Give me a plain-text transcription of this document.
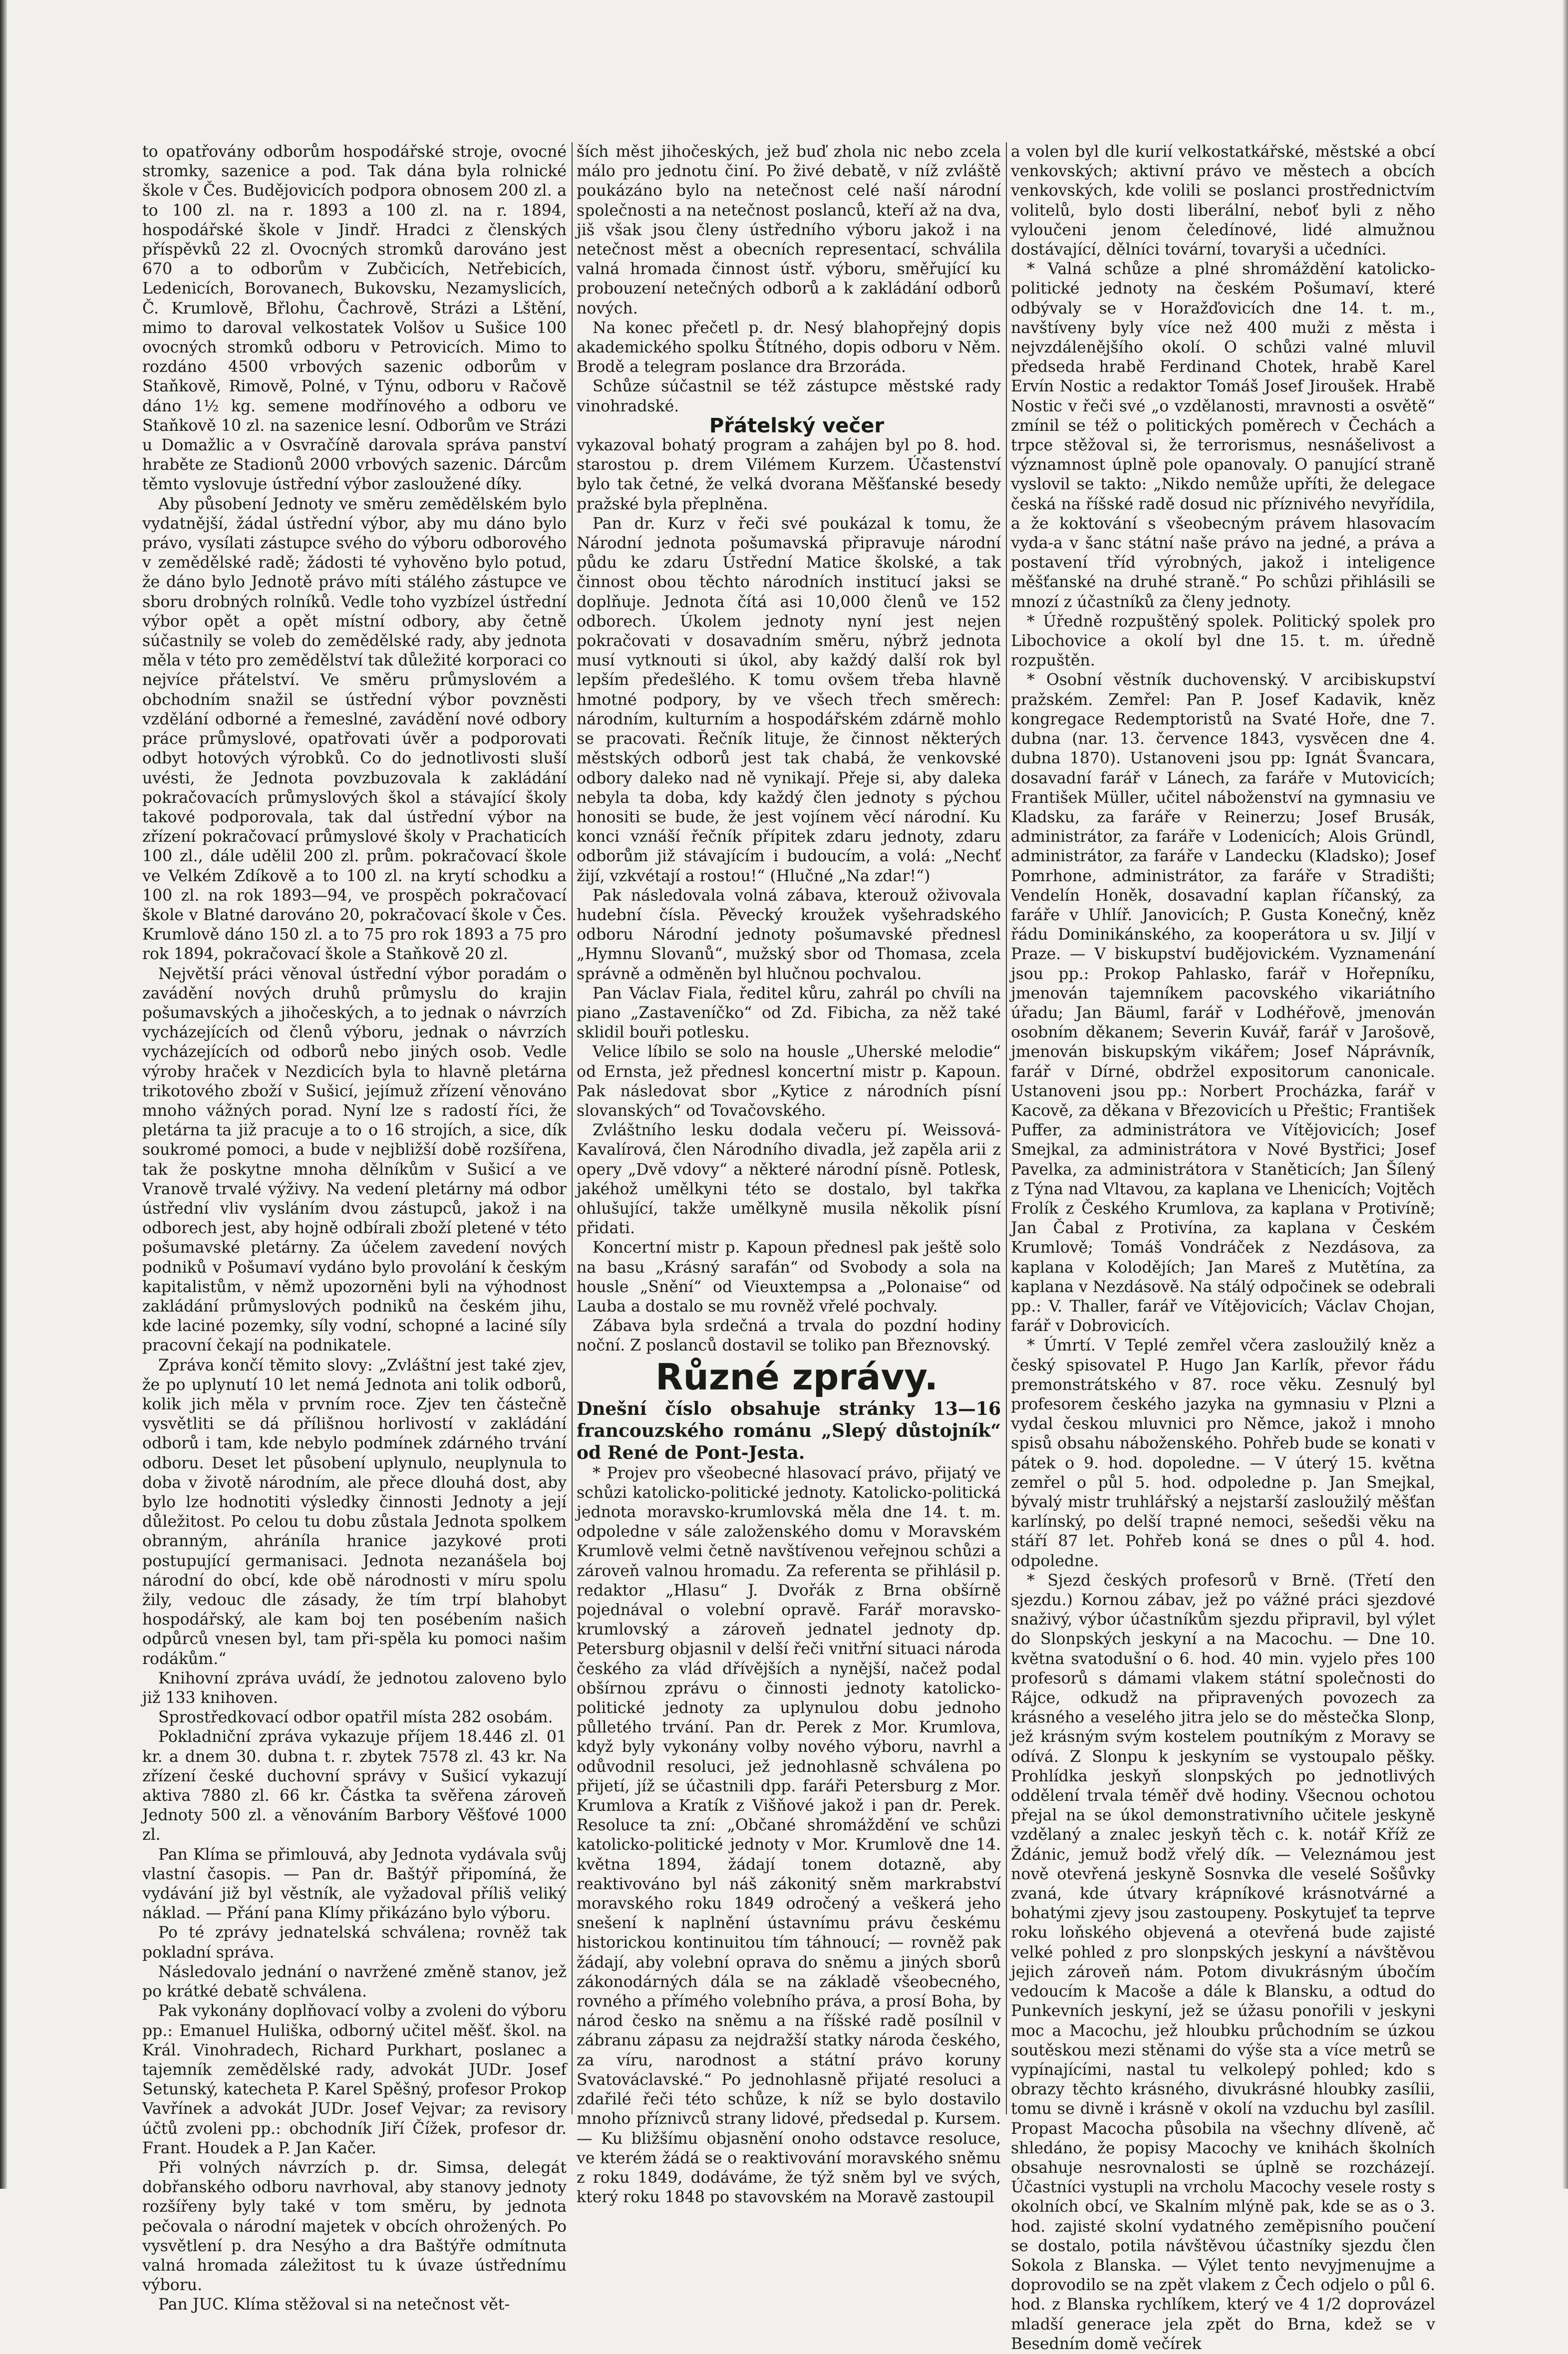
to opatřovány odborům hospodářské stroje, ovocné stromky, sazenice a pod. Tak dána byla rolnické škole v Čes. Budějovicích podpora obnosem 200 zl. a to 100 zl. na r. 1893 a 100 zl. na r. 1894, hospodářské škole v Jindř. Hradci z členských příspěvků 22 zl. Ovocných stromků darováno jest 670 a to odborům v Zubčicích, Netřebicích, Ledenicích, Borovanech, Bukovsku, Nezamyslicích, Č. Krumlově, Břlohu, Čachrově, Strázi a Lštění, mimo to daroval velkostatek Volšov u Sušice 100 ovocných stromků odboru v Petrovicích. Mimo to rozdáno 4500 vrbových sazenic odborům v Staňkově, Rimově, Polné, v Týnu, odboru v Račově dáno 1½ kg. semene modřínového a odboru ve Staňkově 10 zl. na sazenice lesní. Odborům ve Strázi u Domažlic a v Osvračíně darovala správa panství hraběte ze Stadionů 2000 vrbových sazenic. Dárcům těmto vyslovuje ústřední výbor zasloužené díky.

Aby působení Jednoty ve směru zemědělském bylo vydatnější, žádal ústřední výbor, aby mu dáno bylo právo, vysílati zástupce svého do výboru odborového v zemědělské radě; žádosti té vyhověno bylo potud, že dáno bylo Jednotě právo míti stálého zástupce ve sboru drobných rolníků. Vedle toho vyzbízel ústřední výbor opět a opět místní odbory, aby četně súčastnily se voleb do zemědělské rady, aby jednota měla v této pro zemědělství tak důležité korporaci co nejvíce přátelství. Ve směru průmyslovém a obchodním snažil se ústřední výbor povzněsti vzdělání odborné a řemeslné, zavádění nové odbory práce průmyslové, opatřovati úvěr a podporovati odbyt hotových výrobků. Co do jednotlivosti sluší uvésti, že Jednota povzbuzovala k zakládání pokračovacích průmyslových škol a stávající školy takové podporovala, tak dal ústřední výbor na zřízení pokračovací průmyslové školy v Prachaticích 100 zl., dále udělil 200 zl. prům. pokračovací škole ve Velkém Zdíkově a to 100 zl. na krytí schodku a 100 zl. na rok 1893—94, ve prospěch pokračovací škole v Blatné darováno 20, pokračovací škole v Čes. Krumlově dáno 150 zl. a to 75 pro rok 1893 a 75 pro rok 1894, pokračovací škole a Staňkově 20 zl.

Největší práci věnoval ústřední výbor poradám o zavádění nových druhů průmyslu do krajin pošumavských a jihočeských, a to jednak o návrzích vycházejících od členů výboru, jednak o návrzích vycházejících od odborů nebo jiných osob. Vedle výroby hraček v Nezdicích byla to hlavně pletárna trikotového zboží v Sušicí, jejímuž zřízení věnováno mnoho vážných porad. Nyní lze s radostí říci, že pletárna ta již pracuje a to o 16 strojích, a sice, dík soukromé pomoci, a bude v nejbližší době rozšířena, tak že poskytne mnoha dělníkům v Sušicí a ve Vranově trvalé výživy. Na vedení pletárny má odbor ústřední vliv vysláním dvou zástupců, jakož i na odborech jest, aby hojně odbírali zboží pletené v této pošumavské pletárny. Za účelem zavedení nových podniků v Pošumaví vydáno bylo provolání k českým kapitalistům, v němž upozorněni byli na výhodnost zakládání průmyslových podniků na českém jihu, kde laciné pozemky, síly vodní, schopné a laciné síly pracovní čekají na podnikatele.

Zpráva končí těmito slovy: „Zvláštní jest také zjev, že po uplynutí 10 let nemá Jednota ani tolik odborů, kolik jich měla v prvním roce. Zjev ten částečně vysvětliti se dá přílišnou horlivostí v zakládání odborů i tam, kde nebylo podmínek zdárného trvání odboru. Deset let působení uplynulo, neuplynula to doba v životě národním, ale přece dlouhá dost, aby bylo lze hodnotiti výsledky činnosti Jednoty a její důležitost. Po celou tu dobu zůstala Jednota spolkem obranným, ahráníla hranice jazykové proti postupující germanisaci. Jednota nezanášela boj národní do obcí, kde obě národnosti v míru spolu žily, vedouc dle zásady, že tím trpí blahobyt hospodářský, ale kam boj ten posébením našich odpůrců vnesen byl, tam při-spěla ku pomoci našim rodákům.“

Knihovní zpráva uvádí, že jednotou zaloveno bylo již 133 knihoven.

Sprostředkovací odbor opatřil místa 282 osobám.

Pokladniční zpráva vykazuje příjem 18.446 zl. 01 kr. a dnem 30. dubna t. r. zbytek 7578 zl. 43 kr. Na zřízení české duchovní správy v Sušicí vykazují aktiva 7880 zl. 66 kr. Částka ta svěřena zároveň Jednoty 500 zl. a věnováním Barbory Věšťové 1000 zl.

Pan Klíma se přimlouvá, aby Jednota vydávala svůj vlastní časopis. — Pan dr. Baštýř připomíná, že vydávání již byl věstník, ale vyžadoval příliš veliký náklad. — Přání pana Klímy přikázáno bylo výboru.

Po té zprávy jednatelská schválena; rovněž tak pokladní správa.

Následovalo jednání o navržené změně stanov, jež po krátké debatě schválena.

Pak vykonány doplňovací volby a zvoleni do výboru pp.: Emanuel Huliška, odborný učitel měšť. škol. na Král. Vinohradech, Richard Purkhart, poslanec a tajemník zemědělské rady, advokát JUDr. Josef Setunský, katecheta P. Karel Spěšný, profesor Prokop Vavřínek a advokát JUDr. Josef Vejvar; za revisory účtů zvoleni pp.: obchodník Jiří Čížek, profesor dr. Frant. Houdek a P. Jan Kačer.

Při volných návrzích p. dr. Simsa, delegát dobřanského odboru navrhoval, aby stanovy jednoty rozšířeny byly také v tom směru, by jednota pečovala o národní majetek v obcích ohrožených. Po vysvětlení p. dra Nesýho a dra Baštýře odmítnuta valná hromada záležitost tu k úvaze ústřednímu výboru.

Pan JUC. Klíma stěžoval si na netečnost vět-

ších měst jihočeských, jež buď zhola nic nebo zcela málo pro jednotu činí. Po živé debatě, v níž zvláště poukázáno bylo na netečnost celé naší národní společnosti a na netečnost poslanců, kteří až na dva, jiš však jsou členy ústředního výboru jakož i na netečnost měst a obecních representací, schválila valná hromada činnost ústř. výboru, směřující ku probouzení netečných odborů a k zakládání odborů nových.

Na konec přečetl p. dr. Nesý blahopřejný dopis akademického spolku Štítného, dopis odboru v Něm. Brodě a telegram poslance dra Brzoráda.

Schůze súčastnil se též zástupce městské rady vinohradské.

Přátelský večer

vykazoval bohatý program a zahájen byl po 8. hod. starostou p. drem Vilémem Kurzem. Účastenství bylo tak četné, že velká dvorana Měšťanské besedy pražské byla přeplněna.

Pan dr. Kurz v řeči své poukázal k tomu, že Národní jednota pošumavská připravuje národní půdu ke zdaru Ústřední Matice školské, a tak činnost obou těchto národních institucí jaksi se doplňuje. Jednota čítá asi 10,000 členů ve 152 odborech. Úkolem jednoty nyní jest nejen pokračovati v dosavadním směru, nýbrž jednota musí vytknouti si úkol, aby každý další rok byl lepším předešlého. K tomu ovšem třeba hlavně hmotné podpory, by ve všech třech směrech: národním, kulturním a hospodářském zdárně mohlo se pracovati. Řečník lituje, že činnost některých městských odborů jest tak chabá, že venkovské odbory daleko nad ně vynikají. Přeje si, aby daleka nebyla ta doba, kdy každý člen jednoty s pýchou honositi se bude, že jest vojínem věcí národní. Ku konci vznáší řečník přípitek zdaru jednoty, zdaru odborům již stávajícím i budoucím, a volá: „Nechť žijí, vzkvétají a rostou!“ (Hlučné „Na zdar!“)

Pak následovala volná zábava, kterouž oživovala hudební čísla. Pěvecký kroužek vyšehradského odboru Národní jednoty pošumavské přednesl „Hymnu Slovanů“, mužský sbor od Thomasa, zcela správně a odměněn byl hlučnou pochvalou.

Pan Václav Fiala, ředitel kůru, zahrál po chvíli na piano „Zastaveníčko“ od Zd. Fibicha, za něž také sklidil bouři potlesku.

Velice líbilo se solo na housle „Uherské melodie“ od Ernsta, jež přednesl koncertní mistr p. Kapoun. Pak následovat sbor „Kytice z národních písní slovanských“ od Tovačovského.

Zvláštního lesku dodala večeru pí. Weissová-Kavalírová, člen Národního divadla, jež zapěla arii z opery „Dvě vdovy“ a některé národní písně. Potlesk, jakéhož umělkyni této se dostalo, byl takřka ohlušující, takže umělkyně musila několik písní přidati.

Koncertní mistr p. Kapoun přednesl pak ještě solo na basu „Krásný sarafán“ od Svobody a sola na housle „Snění“ od Vieuxtempsa a „Polonaise“ od Lauba a dostalo se mu rovněž vřelé pochvaly.

Zábava byla srdečná a trvala do pozdní hodiny noční. Z poslanců dostavil se toliko pan Březnovský.

Různé zprávy.

Dnešní číslo obsahuje stránky 13—16 francouzského románu „Slepý důstojník“ od René de Pont-Jesta.

* Projev pro všeobecné hlasovací právo, přijatý ve schůzi katolicko-politické jednoty. Katolicko-politická jednota moravsko-krumlovská měla dne 14. t. m. odpoledne v sále založenského domu v Moravském Krumlově velmi četně navštívenou veřejnou schůzi a zároveň valnou hromadu. Za referenta se přihlásil p. redaktor „Hlasu“ J. Dvořák z Brna obšírně pojednával o volební opravě. Farář moravsko-krumlovský a zároveň jednatel jednoty dp. Petersburg objasnil v delší řeči vnitřní situaci národa českého za vlád dřívějších a nynější, načež podal obšírnou zprávu o činnosti jednoty katolicko-politické jednoty za uplynulou dobu jednoho půlletého trvání. Pan dr. Perek z Mor. Krumlova, když byly vykonány volby nového výboru, navrhl a odůvodnil resoluci, jež jednohlasně schválena po přijetí, jíž se účastnili dpp. faráři Petersburg z Mor. Krumlova a Kratík z Višňové jakož i pan dr. Perek. Resoluce ta zní: „Občané shromáždění ve schůzi katolicko-politické jednoty v Mor. Krumlově dne 14. května 1894, žádají tonem dotazně, aby reaktivováno byl náš zákonitý sněm markrabství moravského roku 1849 odročený a veškerá jeho snešení k naplnění ústavnímu právu českému historickou kontinuitou tím táhnoucí; — rovněž pak žádají, aby volební oprava do sněmu a jiných sborů zákonodárných dála se na základě všeobecného, rovného a přímého volebního práva, a prosí Boha, by národ česko na sněmu a na říšské radě posílnil v zábranu zápasu za nejdražší statky národa českého, za víru, narodnost a státní právo koruny Svatováclavské.“ Po jednohlasně přijaté resoluci a zdařilé řeči této schůze, k níž se bylo dostavilo mnoho příznivců strany lidové, předsedal p. Kursem. — Ku bližšímu objasnění onoho odstavce resoluce, ve kterém žádá se o reaktivování moravského sněmu z roku 1849, dodáváme, že týž sněm byl ve svých, který roku 1848 po stavovském na Moravě zastoupil

a volen byl dle kurií velkostatkářské, městské a obcí venkovských; aktivní právo ve městech a obcích venkovských, kde volili se poslanci prostřednictvím volitelů, bylo dosti liberální, neboť byli z něho vyloučeni jenom čeledínové, lidé almužnou dostávající, dělníci tovární, tovaryši a učedníci.

* Valná schůze a plné shromáždění katolicko-politické jednoty na českém Pošumaví, které odbývaly se v Horažďovicích dne 14. t. m., navštíveny byly více než 400 muži z města i nejvzdálenějšího okolí. O schůzi valné mluvil předseda hrabě Ferdinand Chotek, hrabě Karel Ervín Nostic a redaktor Tomáš Josef Jiroušek. Hrabě Nostic v řeči své „o vzdělanosti, mravnosti a osvětě“ zmínil se též o politických poměrech v Čechách a trpce stěžoval si, že terrorismus, nesnášelivost a významnost úplně pole opanovaly. O panující straně vyslovil se takto: „Nikdo nemůže upříti, že delegace česká na říšské radě dosud nic příznivého nevyřídila, a že koktování s všeobecným právem hlasovacím vyda-a v šanc státní naše právo na jedné, a práva a postavení tříd výrobných, jakož i inteligence měšťanské na druhé straně.“ Po schůzi přihlásili se mnozí z účastníků za členy jednoty.

* Úředně rozpuštěný spolek. Politický spolek pro Libochovice a okolí byl dne 15. t. m. úředně rozpuštěn.

* Osobní věstník duchovenský. V arcibiskupství pražském. Zemřel: Pan P. Josef Kadavik, kněz kongregace Redemptoristů na Svaté Hoře, dne 7. dubna (nar. 13. července 1843, vysvěcen dne 4. dubna 1870). Ustanoveni jsou pp: Ignát Švancara, dosavadní farář v Lánech, za faráře v Mutovicích; František Müller, učitel náboženství na gymnasiu ve Kladsku, za faráře v Reinerzu; Josef Brusák, administrátor, za faráře v Lodenicích; Alois Gründl, administrátor, za faráře v Landecku (Kladsko); Josef Pomrhone, administrátor, za faráře v Stradišti; Vendelín Honěk, dosavadní kaplan říčanský, za faráře v Uhlíř. Janovicích; P. Gusta Konečný, kněz řádu Dominikánského, za kooperátora u sv. Jiljí v Praze. — V biskupství budějovickém. Vyznamenání jsou pp.: Prokop Pahlasko, farář v Hořepníku, jmenován tajemníkem pacovského vikariátního úřadu; Jan Bäuml, farář v Lodhéřově, jmenován osobním děkanem; Severin Kuvář, farář v Jarošově, jmenován biskupským vikářem; Josef Náprávník, farář v Dírné, obdržel expositorum canonicale. Ustanoveni jsou pp.: Norbert Procházka, farář v Kacově, za děkana v Březovicích u Přeštic; František Puffer, za administrátora ve Vítějovicích; Josef Smejkal, za administrátora v Nové Bystřici; Josef Pavelka, za administrátora v Staněticích; Jan Šílený z Týna nad Vltavou, za kaplana ve Lhenicích; Vojtěch Frolík z Českého Krumlova, za kaplana v Protivíně; Jan Čabal z Protivína, za kaplana v Českém Krumlově; Tomáš Vondráček z Nezdásova, za kaplana v Kolodějích; Jan Mareš z Mutětína, za kaplana v Nezdásově. Na stálý odpočinek se odebrali pp.: V. Thaller, farář ve Vítějovicích; Václav Chojan, farář v Dobrovicích.

* Úmrtí. V Teplé zemřel včera zasloužilý kněz a český spisovatel P. Hugo Jan Karlík, převor řádu premonstrátského v 87. roce věku. Zesnulý byl profesorem českého jazyka na gymnasiu v Plzni a vydal českou mluvnici pro Němce, jakož i mnoho spisů obsahu náboženského. Pohřeb bude se konati v pátek o 9. hod. dopoledne. — V úterý 15. května zemřel o půl 5. hod. odpoledne p. Jan Smejkal, bývalý mistr truhlářský a nejstarší zasloužilý měšťan karlínský, po delší trapné nemoci, sešedši věku na stáří 87 let. Pohřeb koná se dnes o půl 4. hod. odpoledne.

* Sjezd českých profesorů v Brně. (Třetí den sjezdu.) Kornou zábav, jež po vážné práci sjezdové snaživý, výbor účastníkům sjezdu připravil, byl výlet do Slonpských jeskyní a na Macochu. — Dne 10. května svatodušní o 6. hod. 40 min. vyjelo přes 100 profesorů s dámami vlakem státní společnosti do Rájce, odkudž na připravených povozech za krásného a veselého jitra jelo se do městečka Slonp, jež krásným svým kostelem poutníkým z Moravy se odívá. Z Slonpu k jeskyním se vystoupalo pěšky. Prohlídka jeskyň slonpských po jednotlivých oddělení trvala téměř dvě hodiny. Všecnou ochotou přejal na se úkol demonstrativního učitele jeskyně vzdělaný a znalec jeskyň těch c. k. notář Kříž ze Ždánic, jemuž bodž vřelý dík. — Veleznámou jest nově otevřená jeskyně Sosnvka dle veselé Sošůvky zvaná, kde útvary krápníkové krásnotvárné a bohatými zjevy jsou zastoupeny. Poskytujeť ta teprve roku loňského objevená a otevřená bude zajisté velké pohled z pro slonpských jeskyní a návštěvou jejich zároveň nám. Potom divukrásným úbočím vedoucím k Macoše a dále k Blansku, a odtud do Punkevních jeskyní, jež se úžasu ponořili v jeskyni moc a Macochu, jež hloubku průchodním se úzkou soutěskou mezi stěnami do výše sta a více metrů se vypínajícími, nastal tu velkolepý pohled; kdo s obrazy těchto krásného, divukrásné hloubky zasílii, tomu se divně i krásně v okolí na vzduchu byl zasílil. Propast Macocha působila na všechny dlíveně, ač shledáno, že popisy Macochy ve knihách školních obsahuje nesrovnalosti se úplně se rozcházejí. Účastníci vystupli na vrcholu Macochy vesele rosty s okolních obcí, ve Skalním mlýně pak, kde se as o 3. hod. zajisté skolní vydatného zeměpisního poučení se dostalo, potila návštěvou účastníky sjezdu člen Sokola z Blanska. — Výlet tento nevyjmenujme a doprovodilo se na zpět vlakem z Čech odjelo o půl 6. hod. z Blanska rychlíkem, který ve 4 1/2 doprovázel mladší generace jela zpět do Brna, kdež se v Besedním domě večírek
